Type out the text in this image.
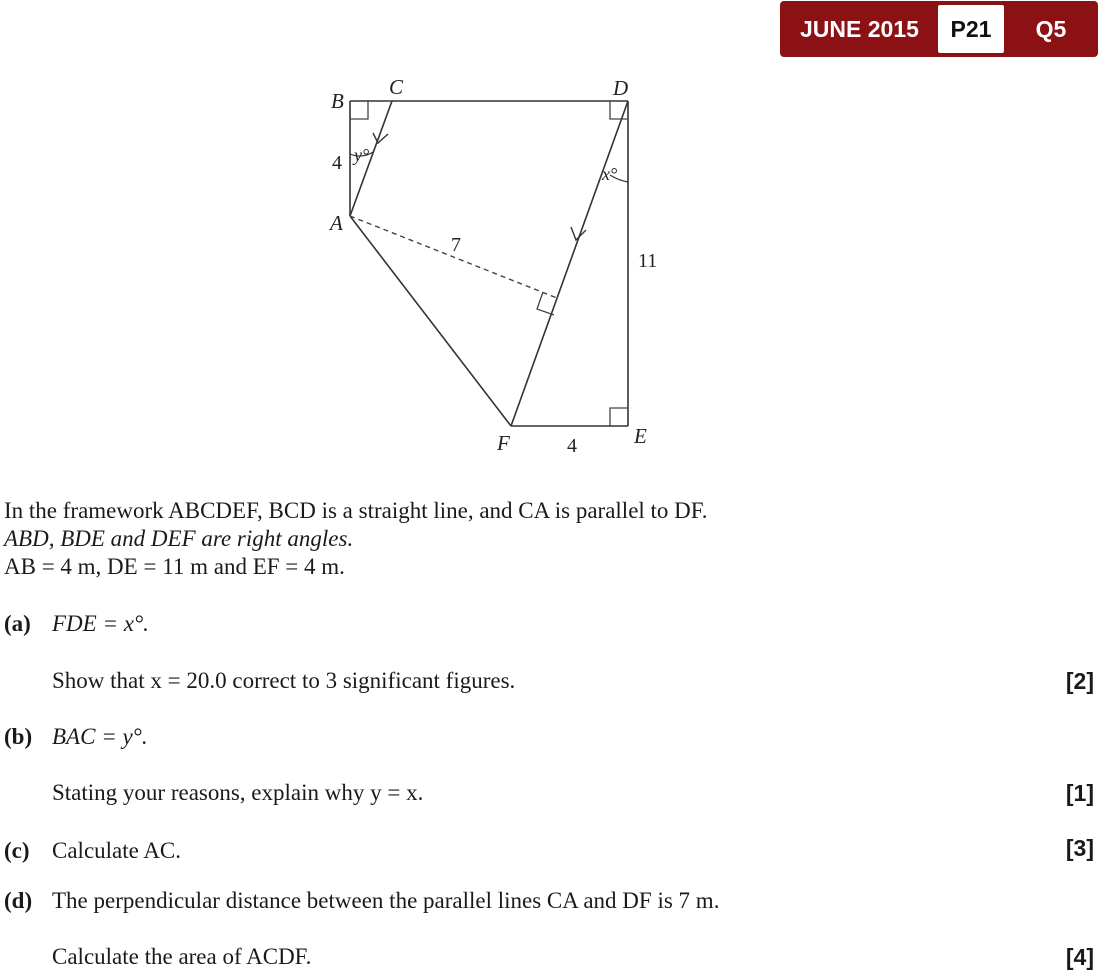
JUNE 2015	P21	Q5
B
C	D
A
F	E
4
7
11
4
x°
y°
In the framework ABCDEF, BCD is a straight line, and CA is parallel to DF.
ABD, BDE and DEF are right angles.
AB = 4 m, DE = 11 m and EF = 4 m.
(a) FDE = x°.
Show that x = 20.0 correct to 3 significant figures.	[2]
(b) BAC = y°.
Stating your reasons, explain why y = x.	[1]
(c) Calculate AC.	[3]
(d) The perpendicular distance between the parallel lines CA and DF is 7 m.
Calculate the area of ACDF.	[4]
